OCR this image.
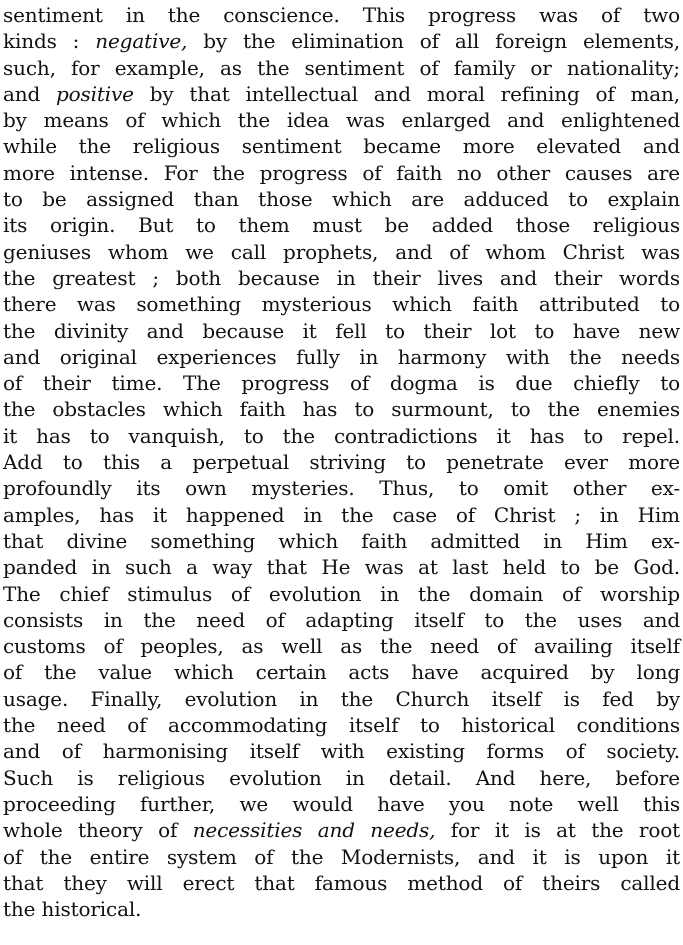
sentiment in the conscience. This progress was of two
kinds : negative, by the elimination of all foreign elements,
such, for example, as the sentiment of family or nationality;
and positive by that intellectual and moral refining of man,
by means of which the idea was enlarged and enlightened
while the religious sentiment became more elevated and
more intense. For the progress of faith no other causes are
to be assigned than those which are adduced to explain
its origin. But to them must be added those religious
geniuses whom we call prophets, and of whom Christ was
the greatest ; both because in their lives and their words
there was something mysterious which faith attributed to
the divinity and because it fell to their lot to have new
and original experiences fully in harmony with the needs
of their time. The progress of dogma is due chiefly to
the obstacles which faith has to surmount, to the enemies
it has to vanquish, to the contradictions it has to repel.
Add to this a perpetual striving to penetrate ever more
profoundly its own mysteries. Thus, to omit other ex-
amples, has it happened in the case of Christ ; in Him
that divine something which faith admitted in Him ex-
panded in such a way that He was at last held to be God.
The chief stimulus of evolution in the domain of worship
consists in the need of adapting itself to the uses and
customs of peoples, as well as the need of availing itself
of the value which certain acts have acquired by long
usage. Finally, evolution in the Church itself is fed by
the need of accommodating itself to historical conditions
and of harmonising itself with existing forms of society.
Such is religious evolution in detail. And here, before
proceeding further, we would have you note well this
whole theory of necessities and needs, for it is at the root
of the entire system of the Modernists, and it is upon it
that they will erect that famous method of theirs called
the historical.
